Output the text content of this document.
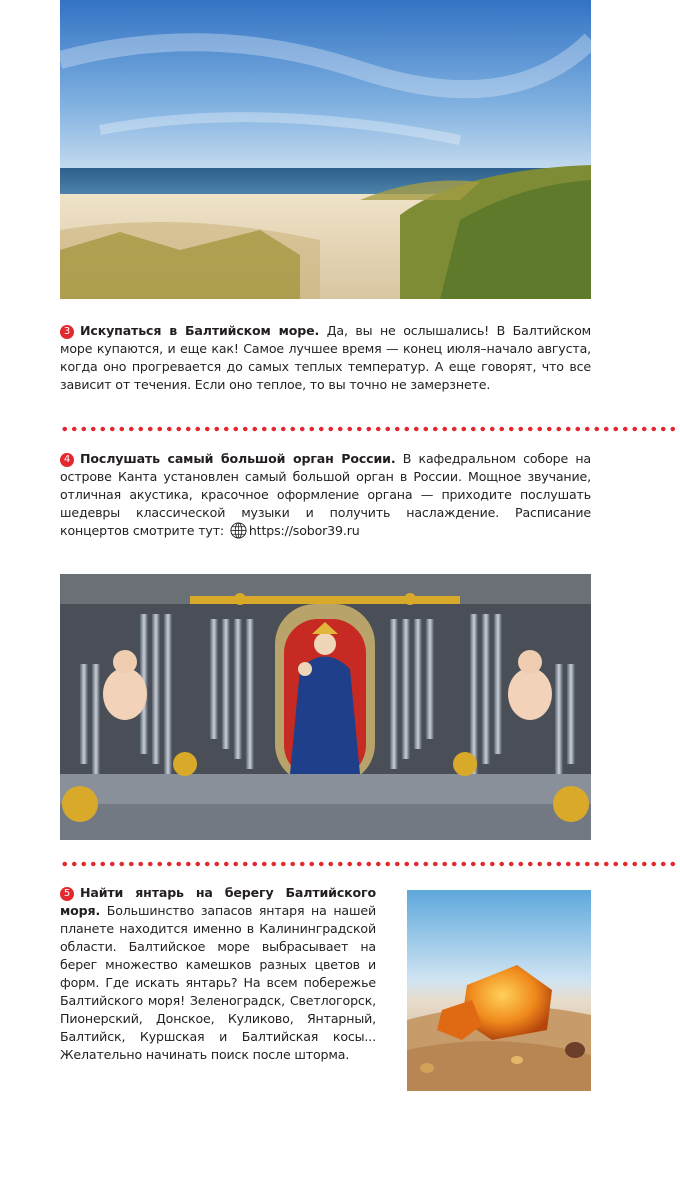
3 Искупаться в Балтийском море. Да, вы не ослышались! В Балтийском море купаются, и еще как! Самое лучшее время — конец июля–начало августа, когда оно прогревается до самых теплых температур. А еще говорят, что все зависит от течения. Если оно теплое, то вы точно не замерзнете.
4 Послушать самый большой орган России. В кафедральном соборе на острове Канта установлен самый большой орган в России. Мощное звучание, отличная акустика, красочное оформление органа — приходите послушать шедевры классической музыки и получить наслаждение. Расписание концертов смотрите тут: https://sobor39.ru
5 Найти янтарь на берегу Балтийского моря. Большинство запасов янтаря на нашей планете находится именно в Калининградской области. Балтийское море выбрасывает на берег множество камешков разных цветов и форм. Где искать янтарь? На всем побережье Балтийского моря! Зеленоградск, Светлогорск, Пионерский, Донское, Куликово, Янтарный, Балтийск, Куршская и Балтийская косы... Желательно начинать поиск после шторма.
